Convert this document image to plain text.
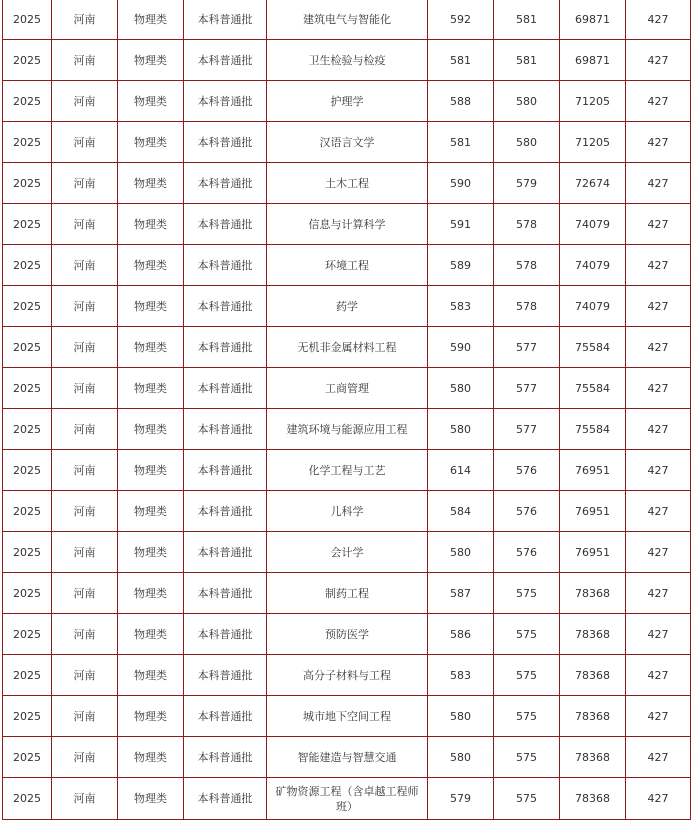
2025	河南	物理类	本科普通批	建筑电气与智能化	592	581	69871	427
2025	河南	物理类	本科普通批	卫生检验与检疫	581	581	69871	427
2025	河南	物理类	本科普通批	护理学	588	580	71205	427
2025	河南	物理类	本科普通批	汉语言文学	581	580	71205	427
2025	河南	物理类	本科普通批	土木工程	590	579	72674	427
2025	河南	物理类	本科普通批	信息与计算科学	591	578	74079	427
2025	河南	物理类	本科普通批	环境工程	589	578	74079	427
2025	河南	物理类	本科普通批	药学	583	578	74079	427
2025	河南	物理类	本科普通批	无机非金属材料工程	590	577	75584	427
2025	河南	物理类	本科普通批	工商管理	580	577	75584	427
2025	河南	物理类	本科普通批	建筑环境与能源应用工程	580	577	75584	427
2025	河南	物理类	本科普通批	化学工程与工艺	614	576	76951	427
2025	河南	物理类	本科普通批	儿科学	584	576	76951	427
2025	河南	物理类	本科普通批	会计学	580	576	76951	427
2025	河南	物理类	本科普通批	制药工程	587	575	78368	427
2025	河南	物理类	本科普通批	预防医学	586	575	78368	427
2025	河南	物理类	本科普通批	高分子材料与工程	583	575	78368	427
2025	河南	物理类	本科普通批	城市地下空间工程	580	575	78368	427
2025	河南	物理类	本科普通批	智能建造与智慧交通	580	575	78368	427
2025	河南	物理类	本科普通批	矿物资源工程（含卓越工程师班）	579	575	78368	427
